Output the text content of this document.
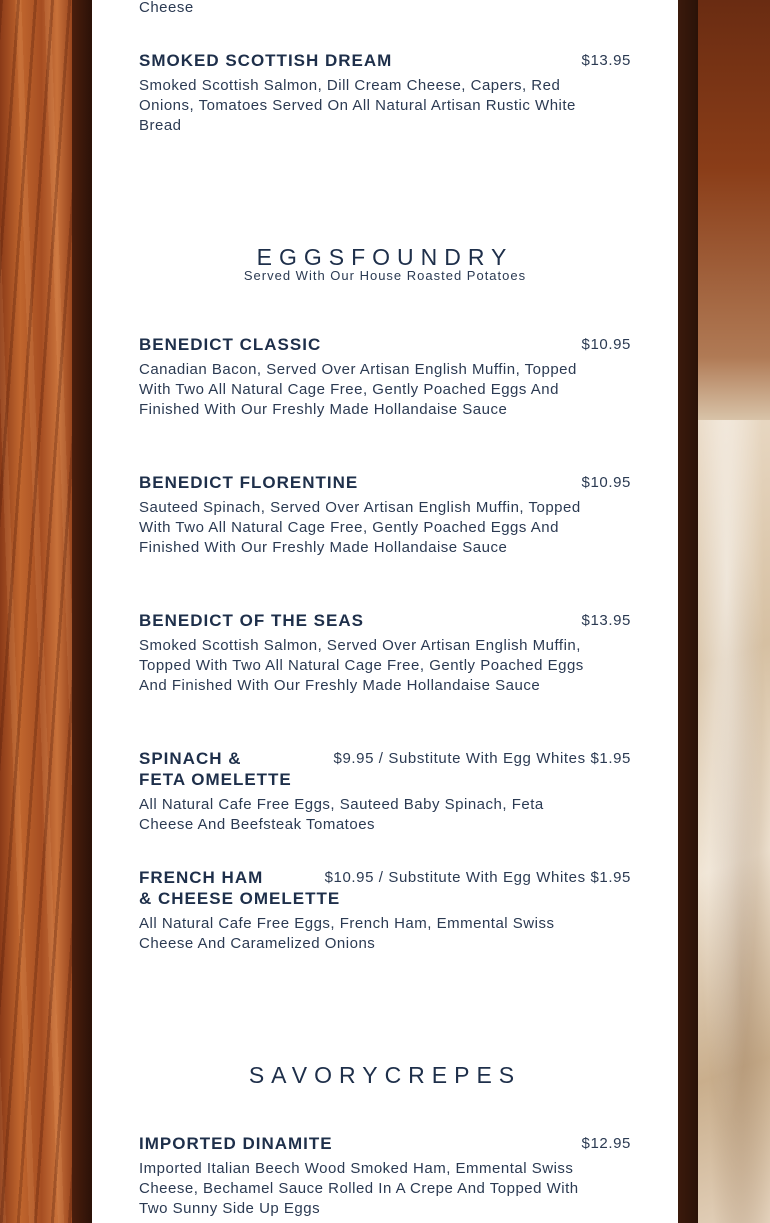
Cheese
SMOKED SCOTTISH DREAM	$13.95
Smoked Scottish Salmon, Dill Cream Cheese, Capers, Red Onions, Tomatoes Served On All Natural Artisan Rustic White Bread
EGGSFOUNDRY
Served With Our House Roasted Potatoes
BENEDICT CLASSIC	$10.95
Canadian Bacon, Served Over Artisan English Muffin, Topped With Two All Natural Cage Free, Gently Poached Eggs And Finished With Our Freshly Made Hollandaise Sauce
BENEDICT FLORENTINE	$10.95
Sauteed Spinach, Served Over Artisan English Muffin, Topped With Two All Natural Cage Free, Gently Poached Eggs And Finished With Our Freshly Made Hollandaise Sauce
BENEDICT OF THE SEAS	$13.95
Smoked Scottish Salmon, Served Over Artisan English Muffin, Topped With Two All Natural Cage Free, Gently Poached Eggs And Finished With Our Freshly Made Hollandaise Sauce
SPINACH &
FETA OMELETTE
$9.95 / Substitute With Egg Whites $1.95
All Natural Cafe Free Eggs, Sauteed Baby Spinach, Feta Cheese And Beefsteak Tomatoes
FRENCH HAM
& CHEESE OMELETTE
$10.95 / Substitute With Egg Whites $1.95
All Natural Cafe Free Eggs, French Ham, Emmental Swiss Cheese And Caramelized Onions
SAVORYCREPES
IMPORTED DINAMITE	$12.95
Imported Italian Beech Wood Smoked Ham, Emmental Swiss Cheese, Bechamel Sauce Rolled In A Crepe And Topped With Two Sunny Side Up Eggs
